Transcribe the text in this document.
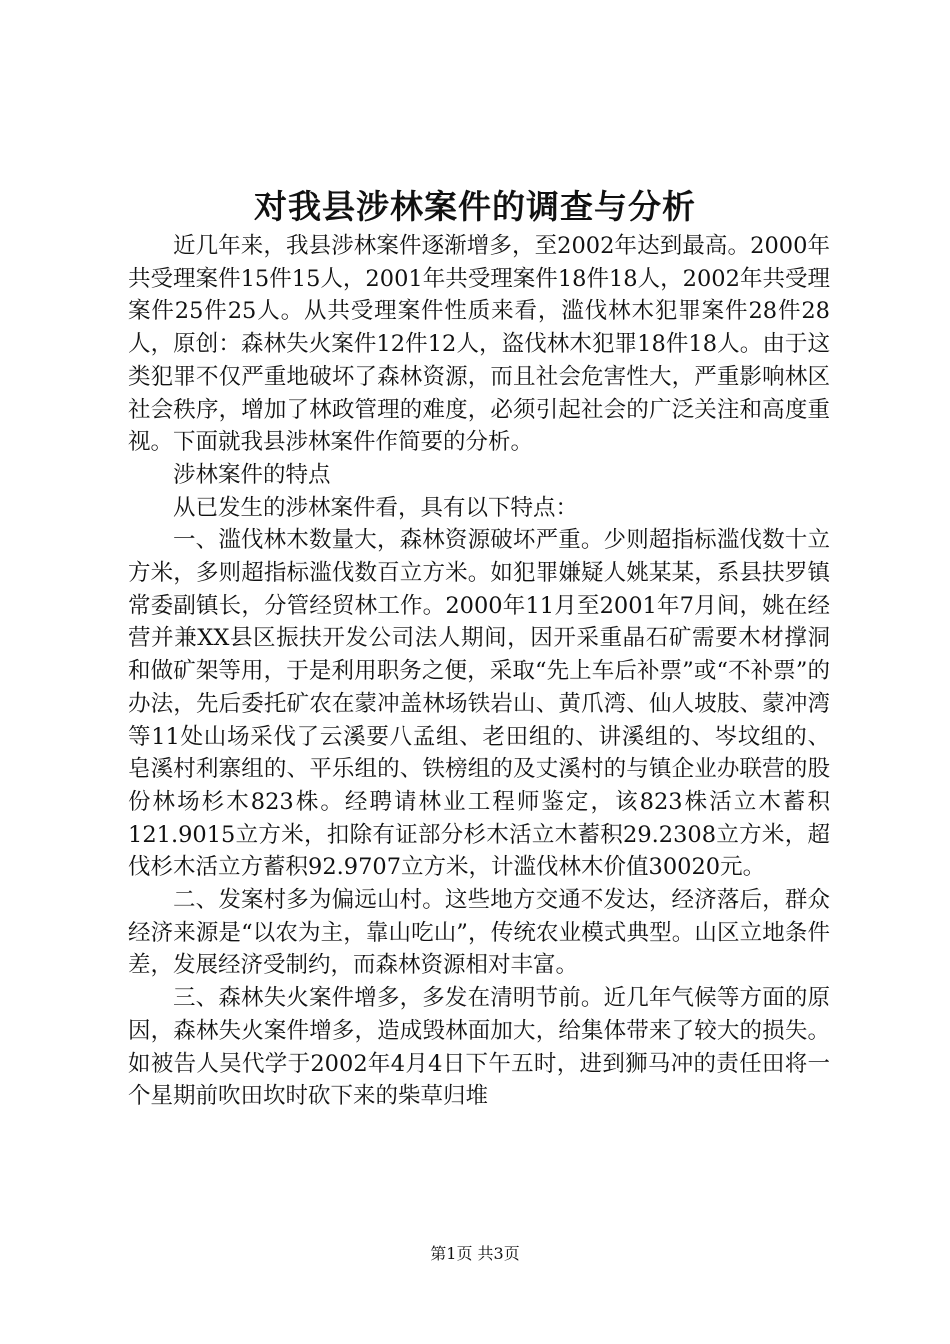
对我县涉林案件的调查与分析

近几年来，我县涉林案件逐渐增多，至2002年达到最高。2000年共受理案件15件15人，2001年共受理案件18件18人，2002年共受理案件25件25人。从共受理案件性质来看，滥伐林木犯罪案件28件28人，原创：森林失火案件12件12人，盗伐林木犯罪18件18人。由于这类犯罪不仅严重地破坏了森林资源，而且社会危害性大，严重影响林区社会秩序，增加了林政管理的难度，必须引起社会的广泛关注和高度重视。下面就我县涉林案件作简要的分析。

涉林案件的特点

从已发生的涉林案件看，具有以下特点：

一、滥伐林木数量大，森林资源破坏严重。少则超指标滥伐数十立方米，多则超指标滥伐数百立方米。如犯罪嫌疑人姚某某，系县扶罗镇常委副镇长，分管经贸林工作。2000年11月至2001年7月间，姚在经营并兼XX县区振扶开发公司法人期间，因开采重晶石矿需要木材撑洞和做矿架等用，于是利用职务之便，采取“先上车后补票”或“不补票”的办法，先后委托矿农在蒙冲盖林场铁岩山、黄爪湾、仙人坡肢、蒙冲湾等11处山场采伐了云溪要八孟组、老田组的、讲溪组的、岑坟组的、皂溪村利寨组的、平乐组的、铁榜组的及丈溪村的与镇企业办联营的股份林场杉木823株。经聘请林业工程师鉴定，该823株活立木蓄积121.9015立方米，扣除有证部分杉木活立木蓄积29.2308立方米，超伐杉木活立方蓄积92.9707立方米，计滥伐林木价值30020元。

二、发案村多为偏远山村。这些地方交通不发达，经济落后，群众经济来源是“以农为主，靠山吃山”，传统农业模式典型。山区立地条件差，发展经济受制约，而森林资源相对丰富。

三、森林失火案件增多，多发在清明节前。近几年气候等方面的原因，森林失火案件增多，造成毁林面加大，给集体带来了较大的损失。如被告人吴代学于2002年4月4日下午五时，进到狮马冲的责任田将一个星期前吹田坎时砍下来的柴草归堆

第1页 共3页
